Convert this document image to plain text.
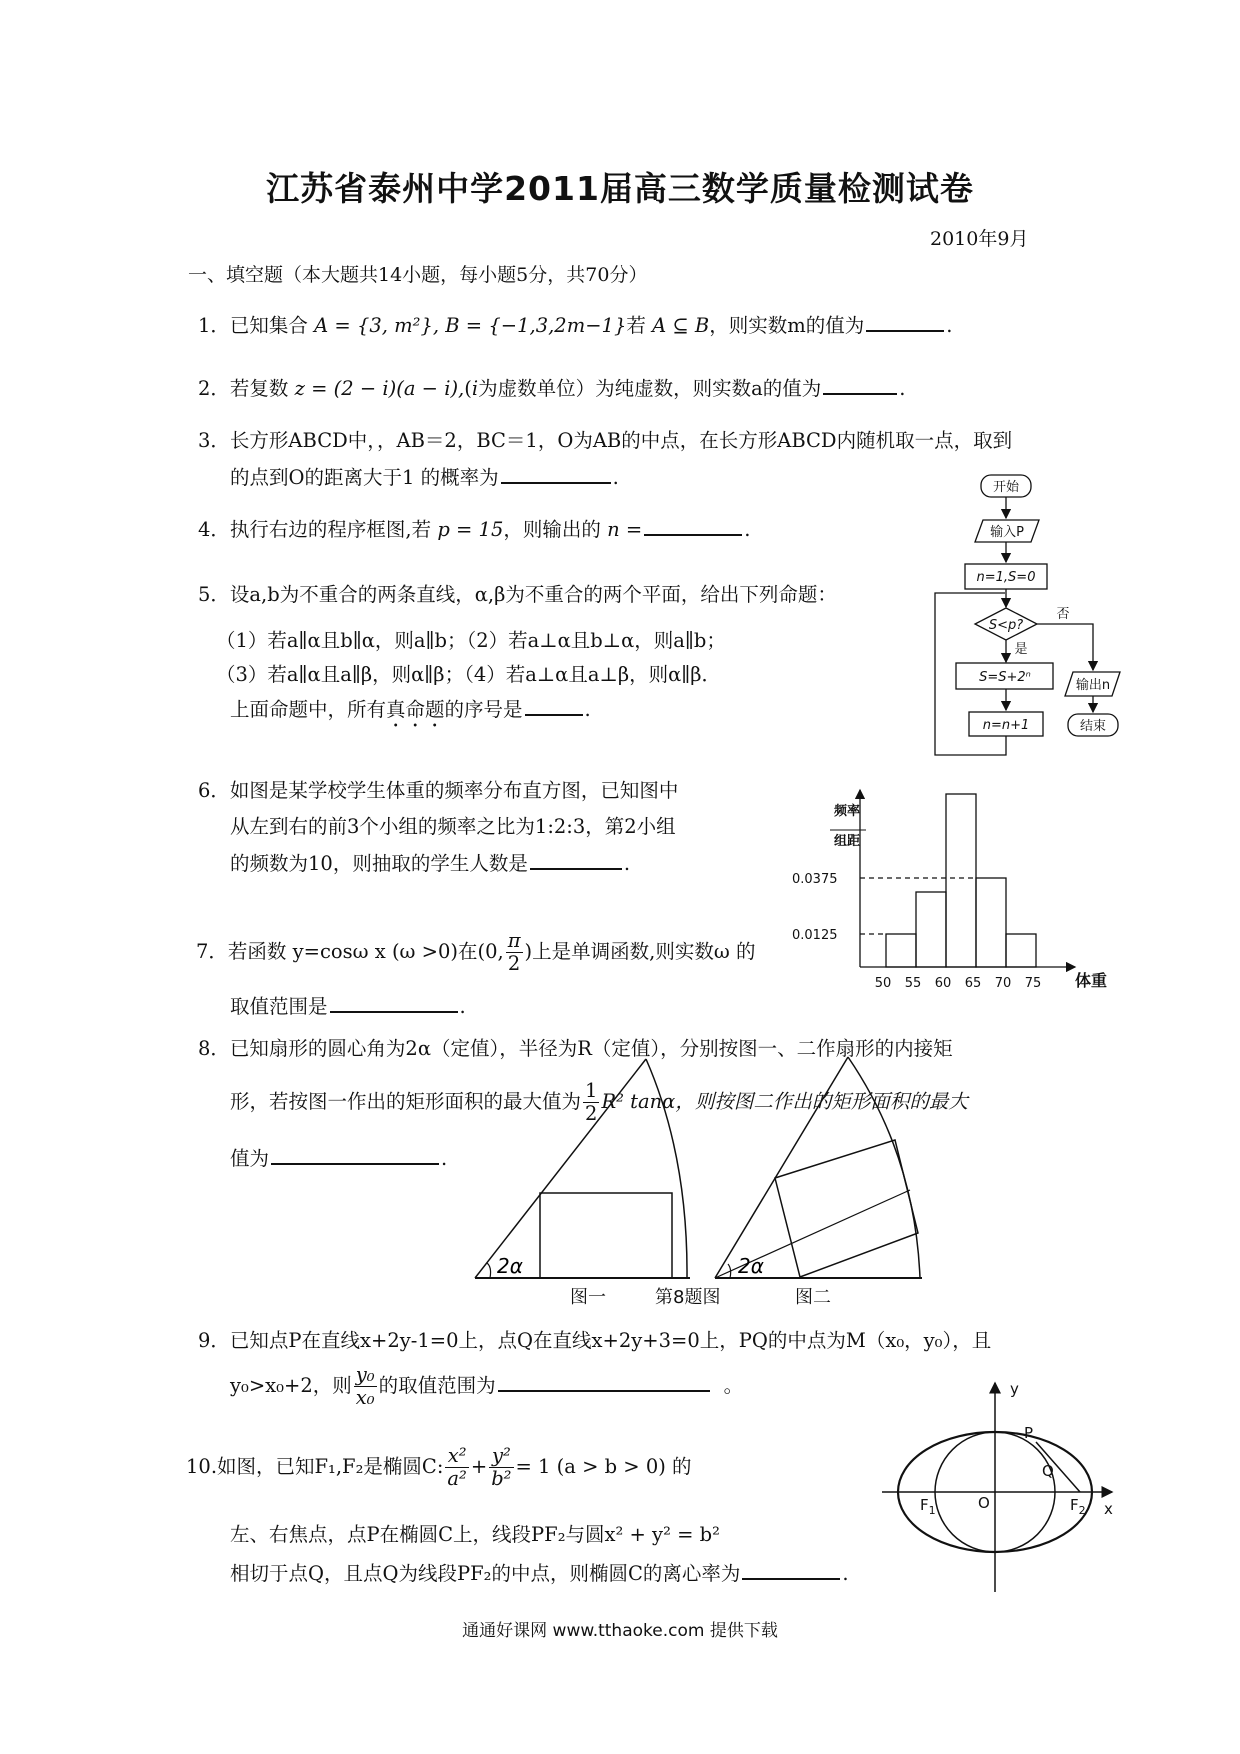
江苏省泰州中学2011届高三数学质量检测试卷
2010年9月
一、填空题（本大题共14小题，每小题5分，共70分）
1．已知集合 A = {3, m²}, B = {−1,3,2m−1}若 A ⊆ B，则实数m的值为	.
2．若复数 z = (2 − i)(a − i),(i为虚数单位）为纯虚数，则实数a的值为	.
3．长方形ABCD中，，AB＝2，BC＝1，O为AB的中点，在长方形ABCD内随机取一点，取到
的点到O的距离大于1 的概率为	.
4．执行右边的程序框图,若 p = 15，则输出的 n =	.
5．设a,b为不重合的两条直线，α,β为不重合的两个平面，给出下列命题：
（1）若a∥α且b∥α，则a∥b；（2）若a⊥α且b⊥α，则a∥b；
（3）若a∥α且a∥β，则α∥β；（4）若a⊥α且a⊥β，则α∥β．
上面命题中，所有真命题的序号是	.
6．如图是某学校学生体重的频率分布直方图，已知图中
从左到右的前3个小组的频率之比为1:2:3，第2小组
的频数为10，则抽取的学生人数是	.
7．若函数 y=cosω x (ω >0)在(0, $\frac{\pi}{2}$ )上是单调函数,则实数ω 的
取值范围是	.
8．已知扇形的圆心角为2α（定值），半径为R（定值），分别按图一、二作扇形的内接矩
形，若按图一作出的矩形面积的最大值为 $\frac{1}{2} R^2$ tanα，则按图二作出的矩形面积的最大
值为	.
2α	2α
图一	第8题图	图二
9．已知点P在直线x+2y-1=0上，点Q在直线x+2y+3=0上，PQ的中点为M（x₀，y₀），且
y₀>x₀+2，则 $\frac{\text{y₀}}{\text{x₀}}$ 的取值范围为	。
10.如图，已知F₁,F₂是椭圆C: $\frac{\text{x²}}{\text{a²}} + \frac{\text{y²}}{\text{b²}} = 1$ (a > b > 0) 的
左、右焦点，点P在椭圆C上，线段PF₂与圆x² + y² = b²
相切于点Q，且点Q为线段PF₂的中点，则椭圆C的离心率为	.
开始
输入P
n=1,S=0
S<p?
否
是
S=S+2ⁿ
n=n+1
输出n
结束
频率
组距
0.0375
0.0125
50 55 60 65 70 75 体重
y
x
P
Q
O
$F_1$	$F_2$
通通好课网 www.tthaoke.com 提供下载
